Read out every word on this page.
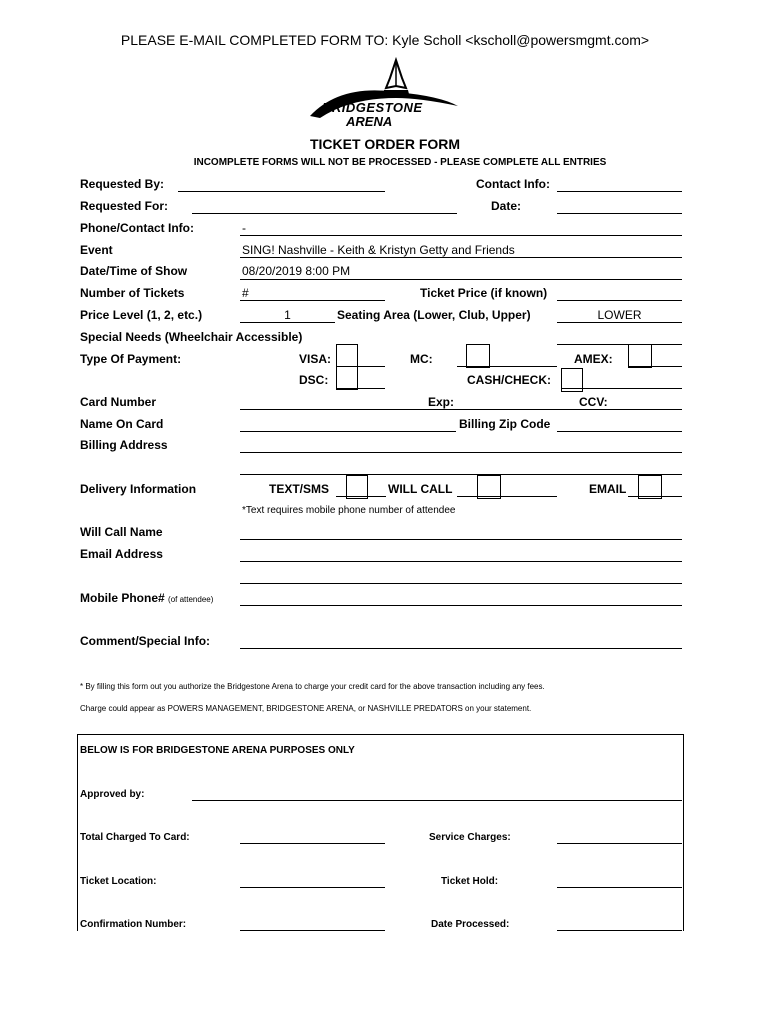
PLEASE E-MAIL COMPLETED FORM TO: Kyle Scholl <kscholl@powersmgmt.com>
BRIDGESTONE
ARENA
TICKET ORDER FORM
INCOMPLETE FORMS WILL NOT BE PROCESSED - PLEASE COMPLETE ALL ENTRIES
Requested By:	Contact Info:
Requested For:	Date:
Phone/Contact Info:	-
Event	SING! Nashville - Keith & Kristyn Getty and Friends
Date/Time of Show	08/20/2019 8:00 PM
Number of Tickets	#	Ticket Price (if known)
Price Level (1, 2, etc.)	1	Seating Area (Lower, Club, Upper)	LOWER
Special Needs (Wheelchair Accessible)
Type Of Payment:	VISA:	MC:	AMEX:
DSC:	CASH/CHECK:
Card Number	Exp:	CCV:
Name On Card	Billing Zip Code
Billing Address
Delivery Information	TEXT/SMS	WILL CALL	EMAIL
*Text requires mobile phone number of attendee
Will Call Name
Email Address
Mobile Phone# (of attendee)
Comment/Special Info:
* By filling this form out you authorize the Bridgestone Arena to charge your credit card for the above transaction including any fees.
Charge could appear as POWERS MANAGEMENT, BRIDGESTONE ARENA, or NASHVILLE PREDATORS on your statement.
BELOW IS FOR BRIDGESTONE ARENA PURPOSES ONLY
Approved by:
Total Charged To Card:	Service Charges:
Ticket Location:	Ticket Hold:
Confirmation Number:	Date Processed:
